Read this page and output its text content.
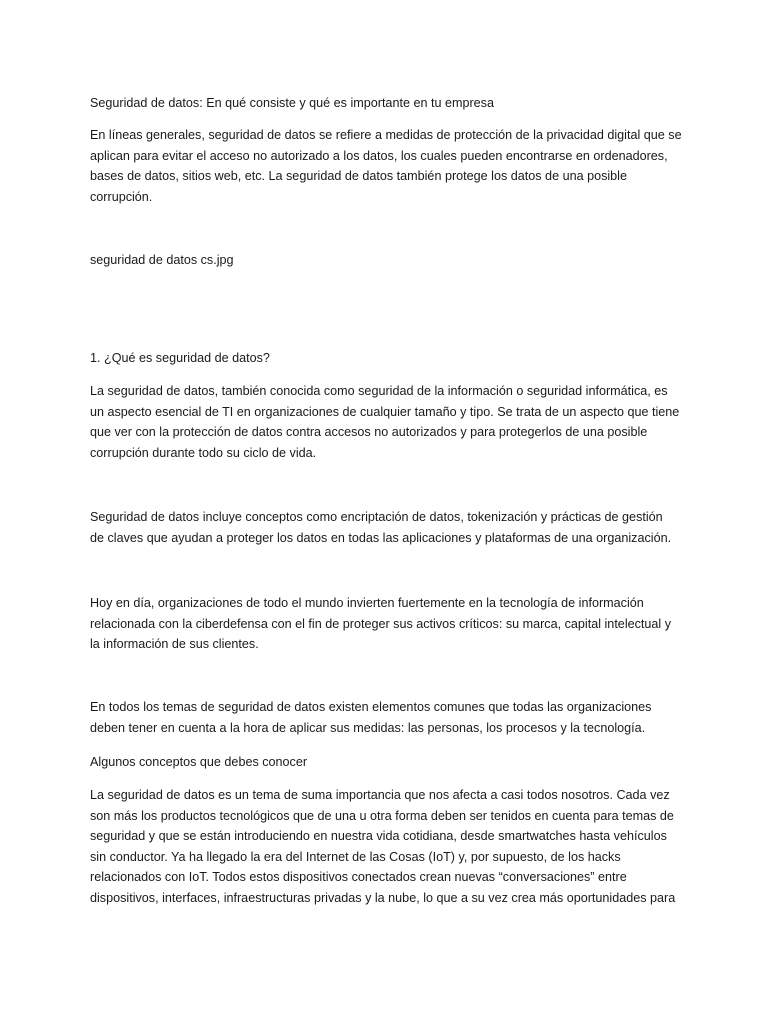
Seguridad de datos: En qué consiste y qué es importante en tu empresa

En líneas generales, seguridad de datos se refiere a medidas de protección de la privacidad digital que se
aplican para evitar el acceso no autorizado a los datos, los cuales pueden encontrarse en ordenadores,
bases de datos, sitios web, etc. La seguridad de datos también protege los datos de una posible
corrupción.

seguridad de datos cs.jpg

1. ¿Qué es seguridad de datos?

La seguridad de datos, también conocida como seguridad de la información o seguridad informática, es
un aspecto esencial de TI en organizaciones de cualquier tamaño y tipo. Se trata de un aspecto que tiene
que ver con la protección de datos contra accesos no autorizados y para protegerlos de una posible
corrupción durante todo su ciclo de vida.

Seguridad de datos incluye conceptos como encriptación de datos, tokenización y prácticas de gestión
de claves que ayudan a proteger los datos en todas las aplicaciones y plataformas de una organización.

Hoy en día, organizaciones de todo el mundo invierten fuertemente en la tecnología de información
relacionada con la ciberdefensa con el fin de proteger sus activos críticos: su marca, capital intelectual y
la información de sus clientes.

En todos los temas de seguridad de datos existen elementos comunes que todas las organizaciones
deben tener en cuenta a la hora de aplicar sus medidas: las personas, los procesos y la tecnología.

Algunos conceptos que debes conocer

La seguridad de datos es un tema de suma importancia que nos afecta a casi todos nosotros. Cada vez
son más los productos tecnológicos que de una u otra forma deben ser tenidos en cuenta para temas de
seguridad y que se están introduciendo en nuestra vida cotidiana, desde smartwatches hasta vehículos
sin conductor. Ya ha llegado la era del Internet de las Cosas (IoT) y, por supuesto, de los hacks
relacionados con IoT. Todos estos dispositivos conectados crean nuevas “conversaciones” entre
dispositivos, interfaces, infraestructuras privadas y la nube, lo que a su vez crea más oportunidades para
